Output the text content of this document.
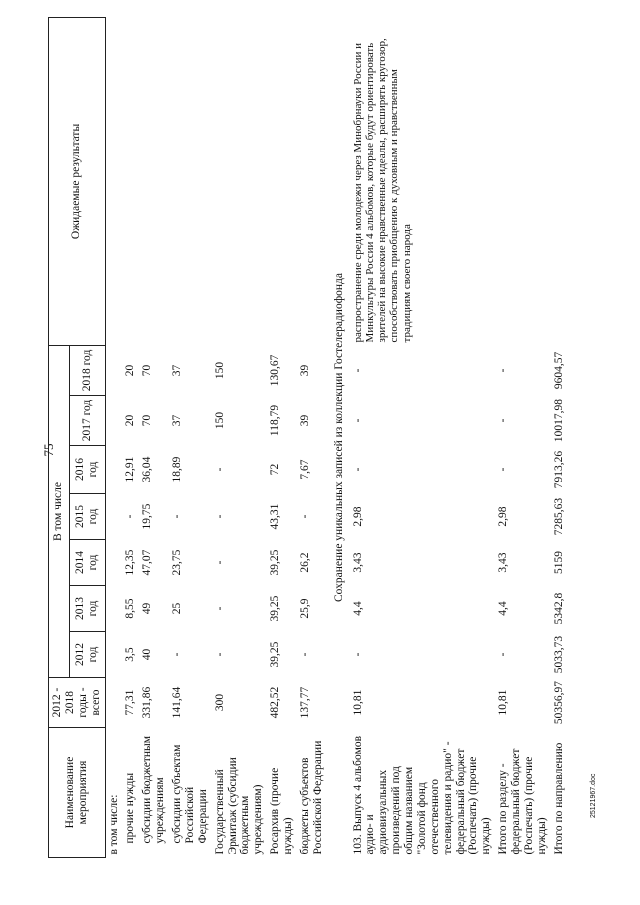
75
Наименование мероприятия	2012 - 2018 годы - всего	В том числе							Ожидаемые результаты
		2012 год	2013 год	2014 год	2015 год	2016 год	2017 год	2018 год	
в том числе:									
прочие нужды	77,31	3,5	8,55	12,35	-	12,91	20	20	
субсидии бюджетным учреждениям	331,86	40	49	47,07	19,75	36,04	70	70	
субсидии субъектам Российской Федерации	141,64	-	25	23,75	-	18,89	37	37	
Государственный Эрмитаж (субсидии бюджетным учреждениям)	300	-	-	-	-	-	150	150	
Росархив (прочие нужды)	482,52	39,25	39,25	39,25	43,31	72	118,79	130,67	
бюджеты субъектов Российской Федерации	137,77	-	25,9	26,2	-	7,67	39	39	
Сохранение уникальных записей из коллекции Гостелерадиофонда									
103. Выпуск 4 альбомов аудио- и аудиовизуальных произведений под общим названием "Золотой фонд отечественного телевидения и радио" - федеральный бюджет (Роспечать) (прочие нужды)	10,81	-	4,4	3,43	2,98	-	-	-	распространение среди молодежи через Минобрнауки России и Минкультуры России 4 альбомов, которые будут ориентировать зрителей на высокие нравственные идеалы, расширять кругозор, способствовать приобщению к духовным и нравственным традициям своего народа
Итого по разделу - федеральный бюджет (Роспечать) (прочие нужды)	10,81	-	4,4	3,43	2,98	-	-	-	
Итого по направлению	50356,97	5033,73	5342,8	5159	7285,63	7913,26	10017,98	9604,57	
25121967.doc
